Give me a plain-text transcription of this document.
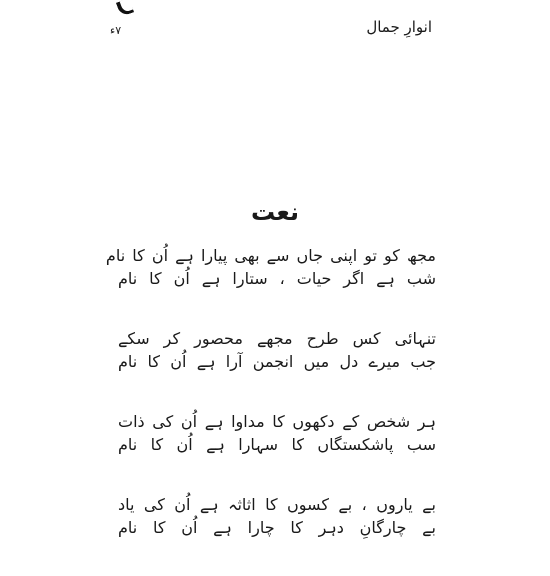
انوارِ جمال
۷ء
نعت
مجھ کو تو اپنی جاں سے بھی پیارا ہے اُن کا نام
شب ہے اگر حیات ، ستارا ہے اُن کا نام
تنہائی کس طرح مجھے محصور کر سکے
جب میرے دل میں انجمن آرا ہے اُن کا نام
ہر شخص کے دکھوں کا مداوا ہے اُن کی ذات
سب پاشکستگاں کا سہارا ہے اُن کا نام
بے یاروں ، بے کسوں کا اثاثہ ہے اُن کی یاد
بے چارگانِ دہر کا چارا ہے اُن کا نام
